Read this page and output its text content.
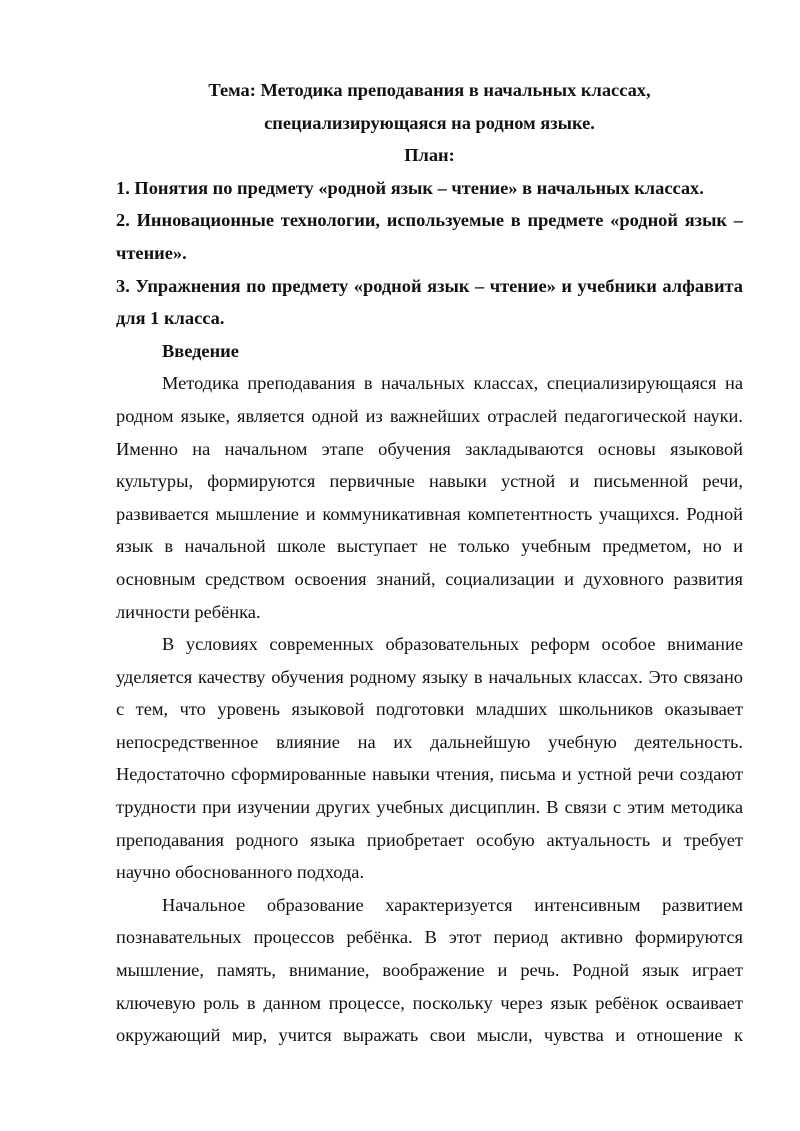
Тема: Методика преподавания в начальных классах,

специализирующаяся на родном языке.

План:

1. Понятия по предмету «родной язык – чтение» в начальных классах.

2. Инновационные технологии, используемые в предмете «родной язык –

чтение».

3. Упражнения по предмету «родной язык – чтение» и учебники алфавита

для 1 класса.

Введение

Методика преподавания в начальных классах, специализирующаяся на

родном языке, является одной из важнейших отраслей педагогической науки.

Именно на начальном этапе обучения закладываются основы языковой

культуры, формируются первичные навыки устной и письменной речи,

развивается мышление и коммуникативная компетентность учащихся. Родной

язык в начальной школе выступает не только учебным предметом, но и

основным средством освоения знаний, социализации и духовного развития

личности ребёнка.

В условиях современных образовательных реформ особое внимание

уделяется качеству обучения родному языку в начальных классах. Это связано

с тем, что уровень языковой подготовки младших школьников оказывает

непосредственное влияние на их дальнейшую учебную деятельность.

Недостаточно сформированные навыки чтения, письма и устной речи создают

трудности при изучении других учебных дисциплин. В связи с этим методика

преподавания родного языка приобретает особую актуальность и требует

научно обоснованного подхода.

Начальное образование характеризуется интенсивным развитием

познавательных процессов ребёнка. В этот период активно формируются

мышление, память, внимание, воображение и речь. Родной язык играет

ключевую роль в данном процессе, поскольку через язык ребёнок осваивает

окружающий мир, учится выражать свои мысли, чувства и отношение к
